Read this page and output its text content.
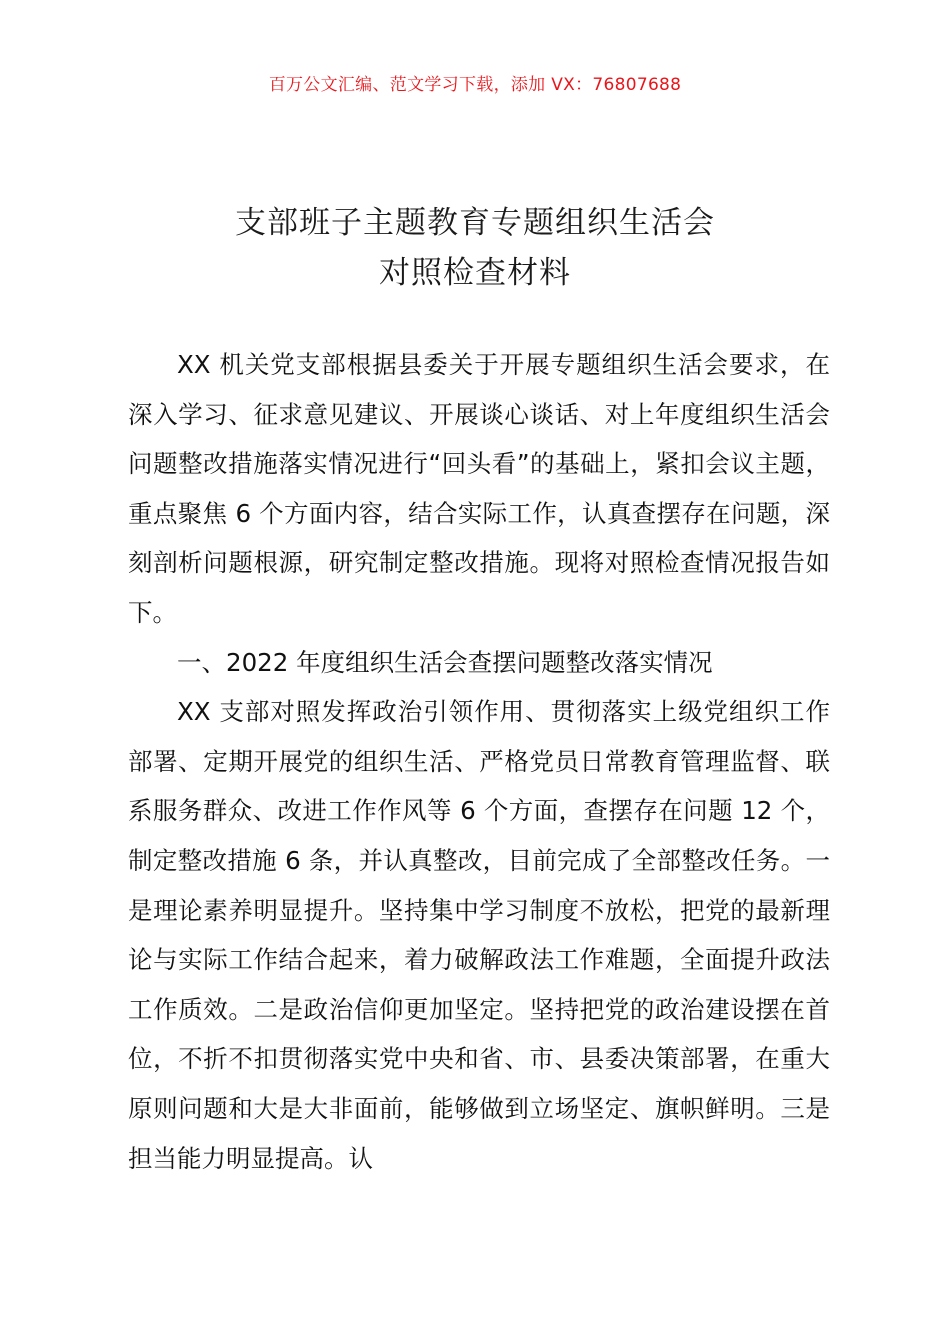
百万公文汇编、范文学习下载，添加 VX：76807688
支部班子主题教育专题组织生活会
对照检查材料

XX 机关党支部根据县委关于开展专题组织生活会要求，在深入学习、征求意见建议、开展谈心谈话、对上年度组织生活会问题整改措施落实情况进行“回头看”的基础上，紧扣会议主题，重点聚焦 6 个方面内容，结合实际工作，认真查摆存在问题，深刻剖析问题根源，研究制定整改措施。现将对照检查情况报告如下。

一、2022 年度组织生活会查摆问题整改落实情况

XX 支部对照发挥政治引领作用、贯彻落实上级党组织工作部署、定期开展党的组织生活、严格党员日常教育管理监督、联系服务群众、改进工作作风等 6 个方面，查摆存在问题 12 个，制定整改措施 6 条，并认真整改，目前完成了全部整改任务。一是理论素养明显提升。坚持集中学习制度不放松，把党的最新理论与实际工作结合起来，着力破解政法工作难题，全面提升政法工作质效。二是政治信仰更加坚定。坚持把党的政治建设摆在首位，不折不扣贯彻落实党中央和省、市、县委决策部署，在重大原则问题和大是大非面前，能够做到立场坚定、旗帜鲜明。三是担当能力明显提高。认
